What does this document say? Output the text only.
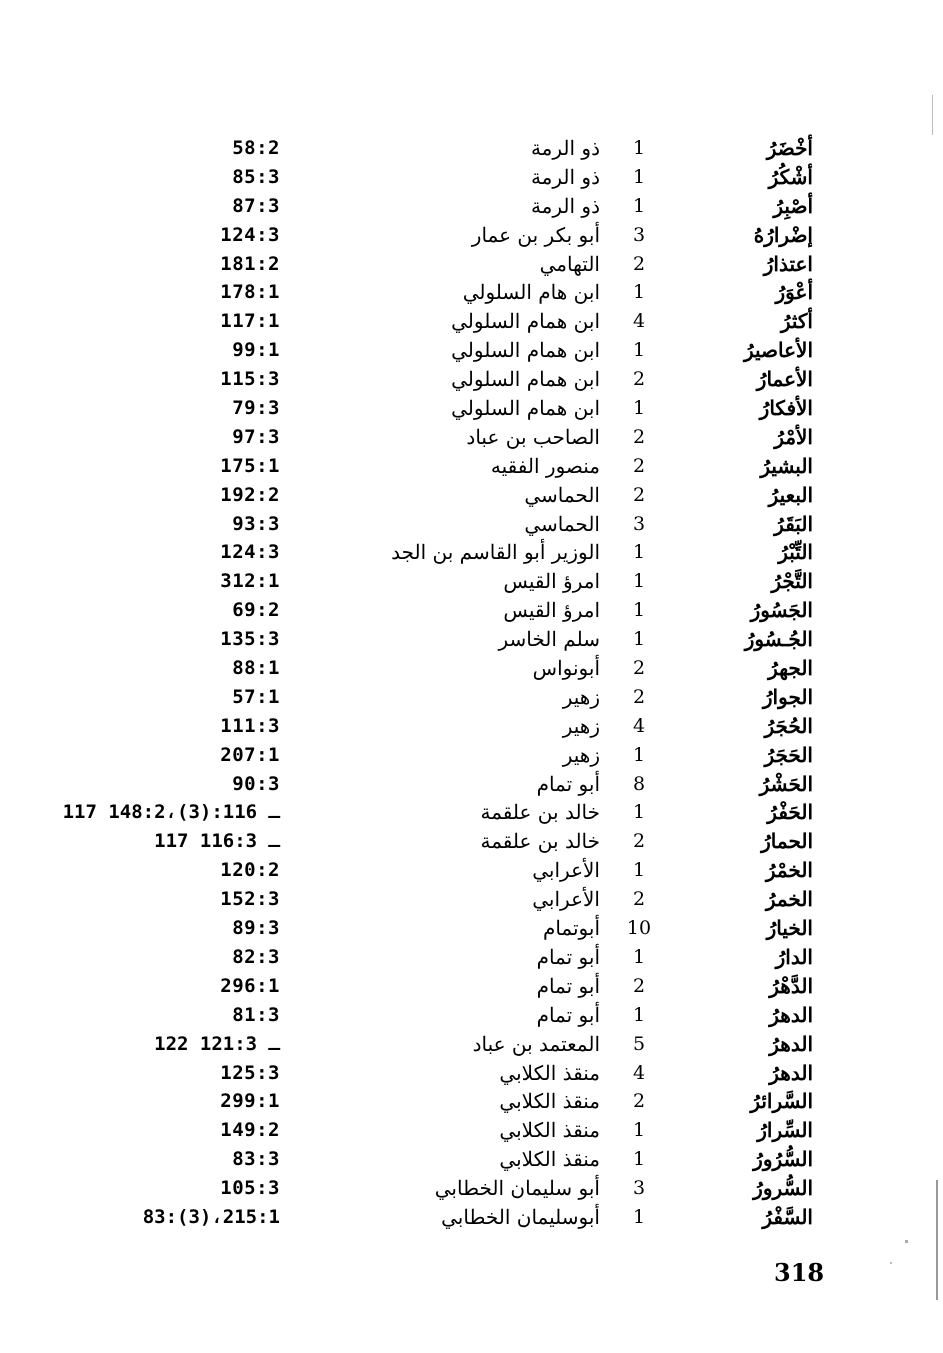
أخْضَرُ
1
ذو الرمة
58:2
أشْكُرُ
1
ذو الرمة
85:3
أصْبِرُ
1
ذو الرمة
87:3
إضْرارُهُ
3
أبو بكر بن عمار
124:3
اعتذارُ
2
التهامي
181:2
أعْوَرُ
1
ابن هام السلولي
178:1
أكثرُ
4
ابن همام السلولي
117:1
الأعاصيرُ
1
ابن همام السلولي
99:1
الأعمارُ
2
ابن همام السلولي
115:3
الأفكارُ
1
ابن همام السلولي
79:3
الأمْرُ
2
الصاحب بن عباد
97:3
البشيرُ
2
منصور الفقيه
175:1
البعيرُ
2
الحماسي
192:2
البَقَرُ
3
الحماسي
93:3
التِّبْرُ
1
الوزير أبو القاسم بن الجد
124:3
التَّجْرُ
1
امرؤ القيس
312:1
الجَسُورُ
1
امرؤ القيس
69:2
الجُـسُورُ
1
سلم الخاسر
135:3
الجهرُ
2
أبونواس
88:1
الجوارُ
2
زهير
57:1
الحُجَرُ
4
زهير
111:3
الحَجَرُ
1
زهير
207:1
الحَشْرُ
8
أبو تمام
90:3
الحَفْرُ
1
خالد بن علقمة
117 ـ 116:(3)،148:2
الحمارُ
2
خالد بن علقمة
117 ـ 116:3
الخمْرُ
1
الأعرابي
120:2
الخمرُ
2
الأعرابي
152:3
الخيارُ
10
أبوتمام
89:3
الدارُ
1
أبو تمام
82:3
الدَّهْرُ
2
أبو تمام
296:1
الدهرُ
1
أبو تمام
81:3
الدهرُ
5
المعتمد بن عباد
122 ـ 121:3
الدهرُ
4
منقذ الكلابي
125:3
السَّرائرُ
2
منقذ الكلابي
299:1
السِّرارُ
1
منقذ الكلابي
149:2
السُّرُورُ
1
منقذ الكلابي
83:3
السُّرورُ
3
أبو سليمان الخطابي
105:3
السَّفْرُ
1
أبوسليمان الخطابي
83:(3)،215:1
318
